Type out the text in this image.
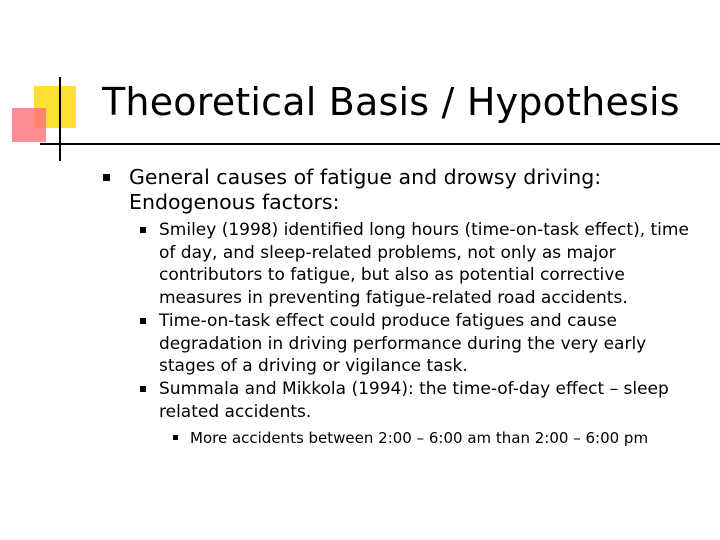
Theoretical Basis / Hypothesis

General causes of fatigue and drowsy driving: Endogenous factors:

Smiley (1998) identified long hours (time-on-task effect), time of day, and sleep-related problems, not only as major contributors to fatigue, but also as potential corrective measures in preventing fatigue-related road accidents.

Time-on-task effect could produce fatigues and cause degradation in driving performance during the very early stages of a driving or vigilance task.

Summala and Mikkola (1994): the time-of-day effect – sleep related accidents.

More accidents between 2:00 – 6:00 am than 2:00 – 6:00 pm
